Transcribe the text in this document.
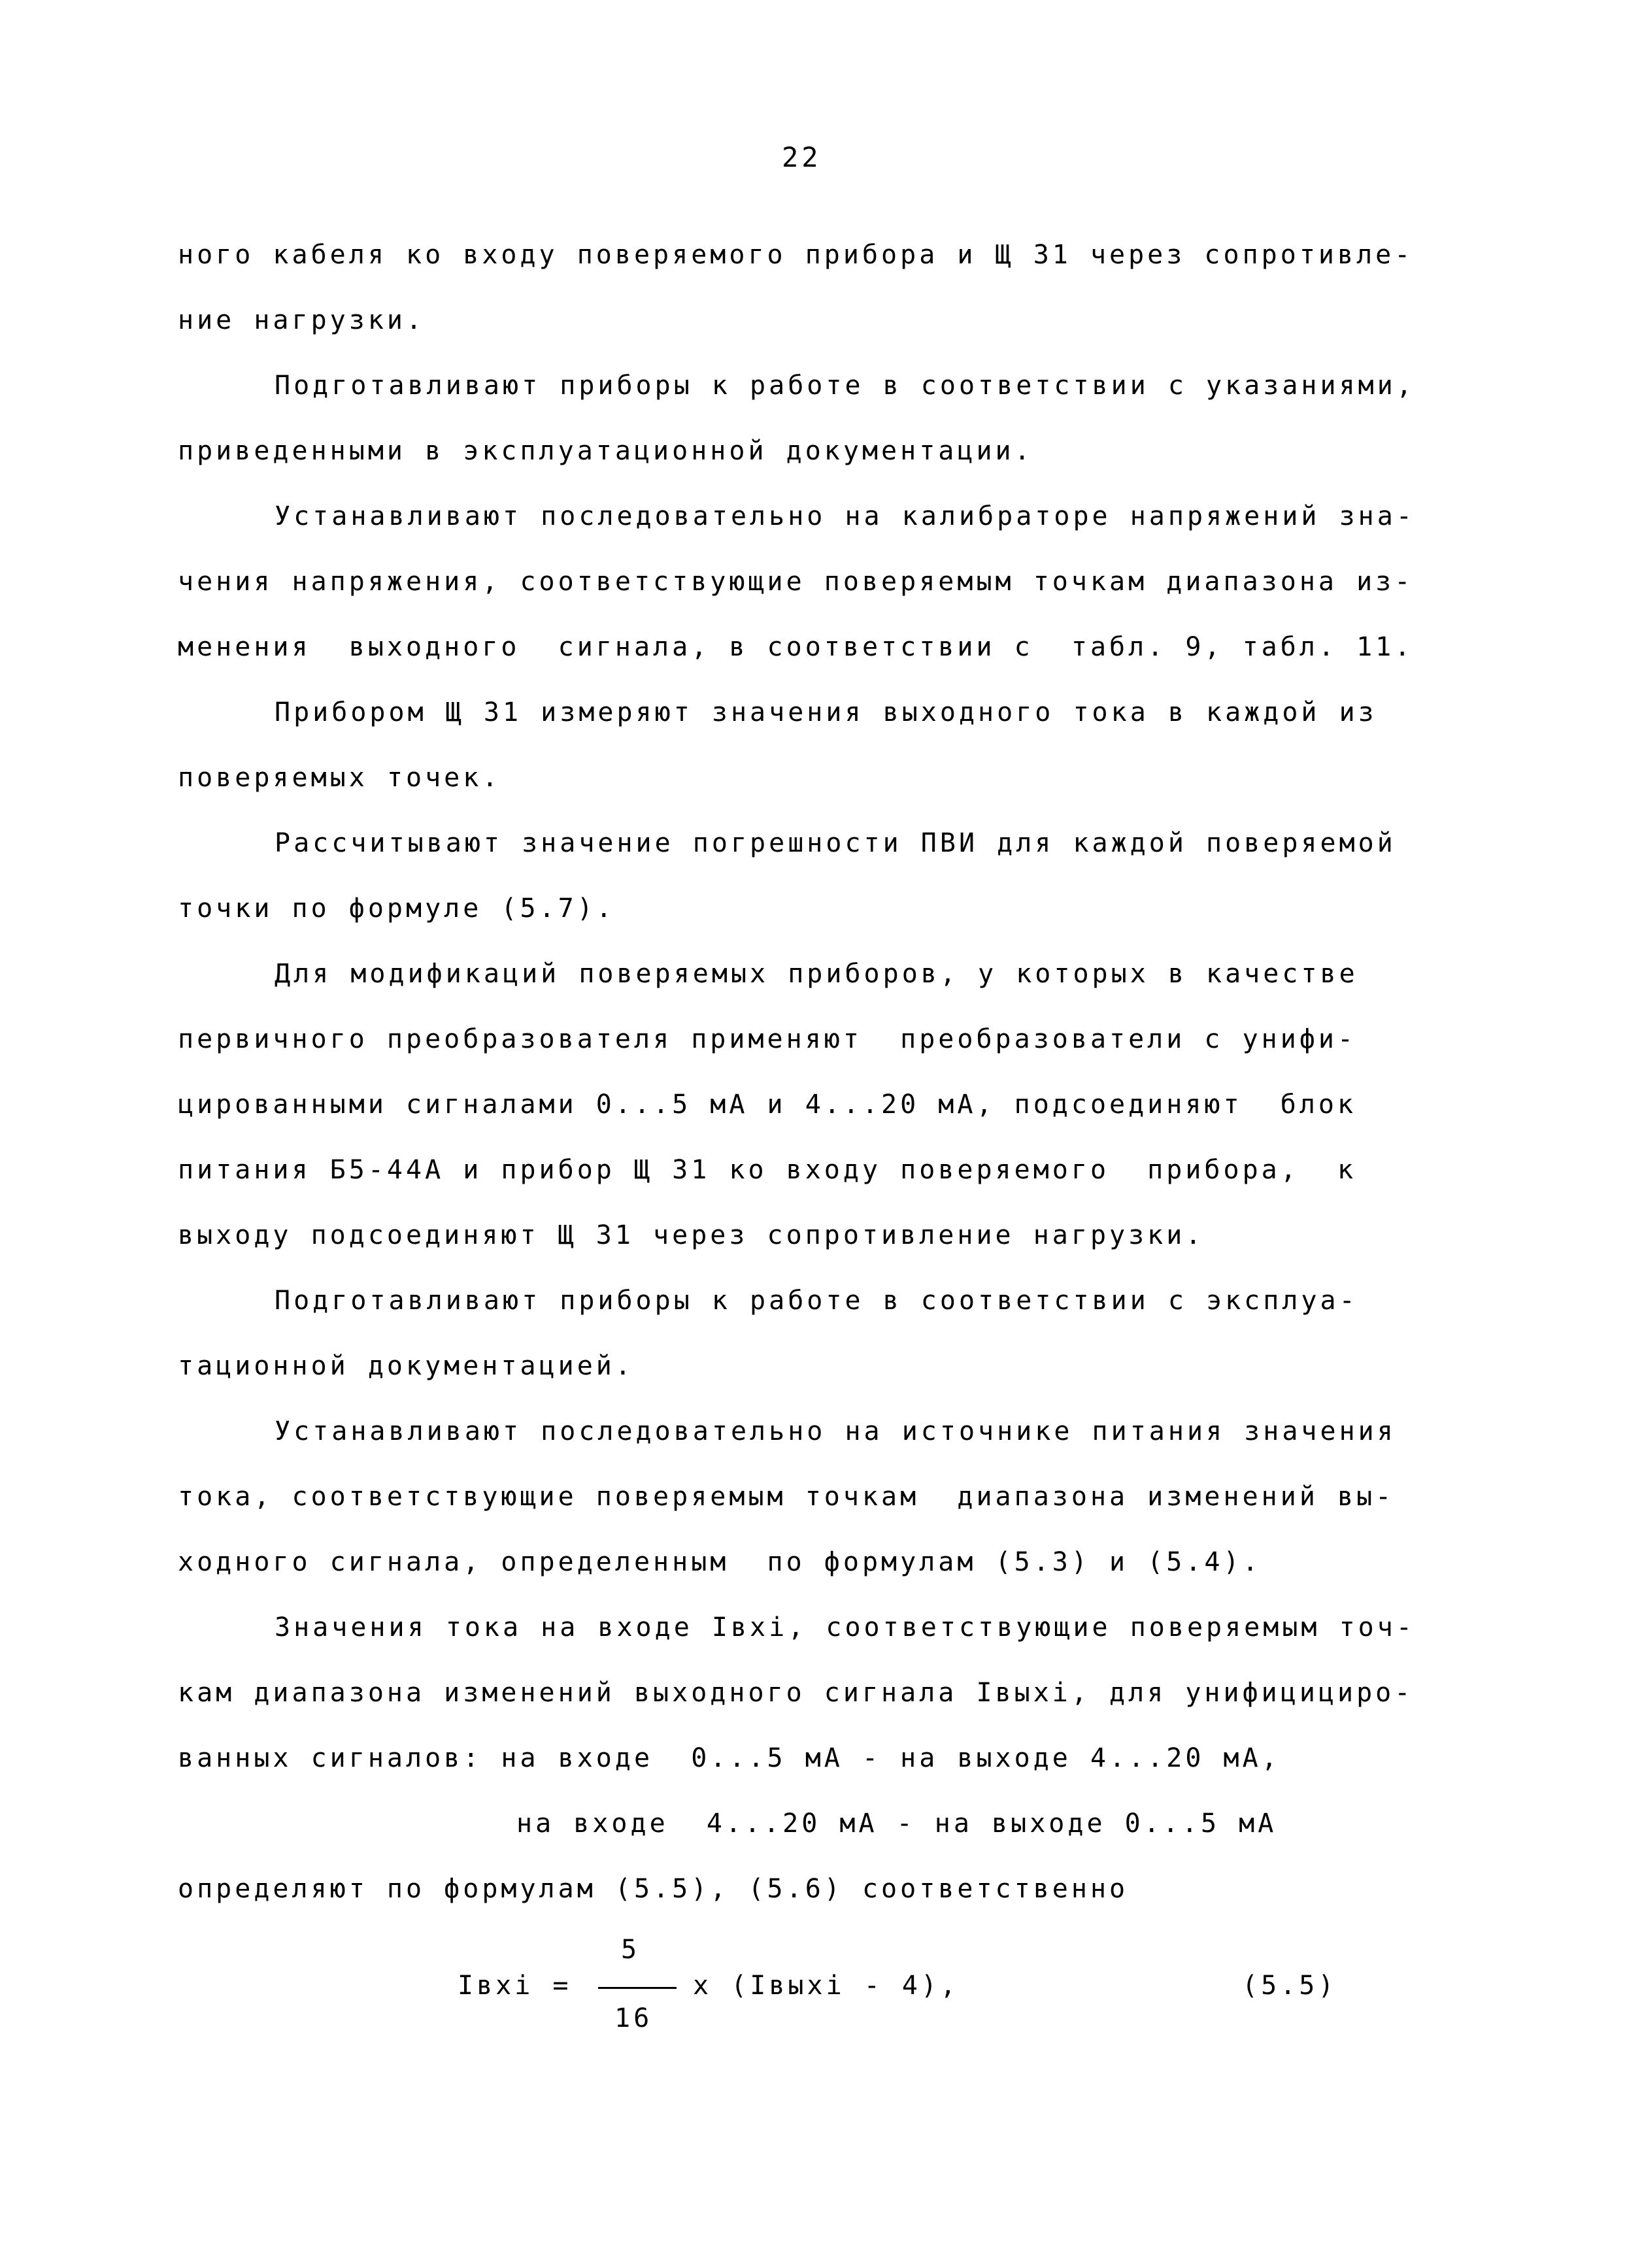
22
ного кабеля ко входу поверяемого прибора и Щ 31 через сопротивле-
ние нагрузки.
Подготавливают приборы к работе в соответствии с указаниями,
приведенными в эксплуатационной документации.
Устанавливают последовательно на калибраторе напряжений зна-
чения напряжения, соответствующие поверяемым точкам диапазона из-
менения  выходного  сигнала, в соответствии с  табл. 9, табл. 11.
Прибором Щ 31 измеряют значения выходного тока в каждой из
поверяемых точек.
Рассчитывают значение погрешности ПВИ для каждой поверяемой
точки по формуле (5.7).
Для модификаций поверяемых приборов, у которых в качестве
первичного преобразователя применяют  преобразователи с унифи-
цированными сигналами 0...5 мА и 4...20 мА, подсоединяют  блок
питания Б5-44А и прибор Щ 31 ко входу поверяемого  прибора,  к
выходу подсоединяют Щ 31 через сопротивление нагрузки.
Подготавливают приборы к работе в соответствии с эксплуа-
тационной документацией.
Устанавливают последовательно на источнике питания значения
тока, соответствующие поверяемым точкам  диапазона изменений вы-
ходного сигнала, определенным  по формулам (5.3) и (5.4).
Значения тока на входе Iвхi, соответствующие поверяемым точ-
кам диапазона изменений выходного сигнала Iвыхi, для унифицициро-
ванных сигналов: на входе  0...5 мА - на выходе 4...20 мА,
на входе  4...20 мА - на выходе 0...5 мА
определяют по формулам (5.5), (5.6) соответственно
Iвхi =
5
16
x (Iвыхi - 4),	(5.5)
